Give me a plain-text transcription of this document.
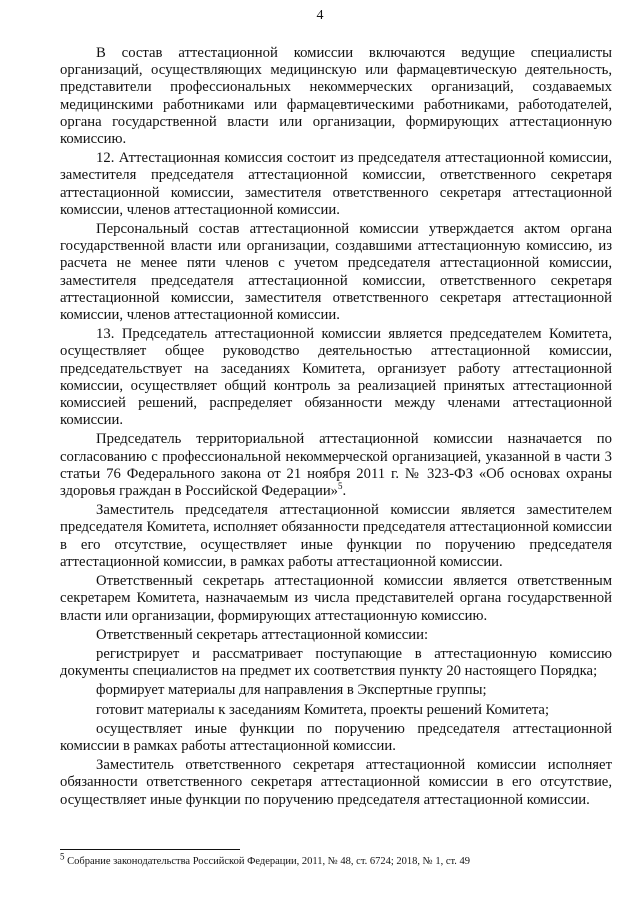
4

В состав аттестационной комиссии включаются ведущие специалисты организаций, осуществляющих медицинскую или фармацевтическую деятельность, представители профессиональных некоммерческих организаций, создаваемых медицинскими работниками или фармацевтическими работниками, работодателей, органа государственной власти или организации, формирующих аттестационную комиссию.

12. Аттестационная комиссия состоит из председателя аттестационной комиссии, заместителя председателя аттестационной комиссии, ответственного секретаря аттестационной комиссии, заместителя ответственного секретаря аттестационной комиссии, членов аттестационной комиссии.

Персональный состав аттестационной комиссии утверждается актом органа государственной власти или организации, создавшими аттестационную комиссию, из расчета не менее пяти членов с учетом председателя аттестационной комиссии, заместителя председателя аттестационной комиссии, ответственного секретаря аттестационной комиссии, заместителя ответственного секретаря аттестационной комиссии, членов аттестационной комиссии.

13. Председатель аттестационной комиссии является председателем Комитета, осуществляет общее руководство деятельностью аттестационной комиссии, председательствует на заседаниях Комитета, организует работу аттестационной комиссии, осуществляет общий контроль за реализацией принятых аттестационной комиссией решений, распределяет обязанности между членами аттестационной комиссии.

Председатель территориальной аттестационной комиссии назначается по согласованию с профессиональной некоммерческой организацией, указанной в части 3 статьи 76 Федерального закона от 21 ноября 2011 г. № 323-ФЗ «Об основах охраны здоровья граждан в Российской Федерации»$^5$.

Заместитель председателя аттестационной комиссии является заместителем председателя Комитета, исполняет обязанности председателя аттестационной комиссии в его отсутствие, осуществляет иные функции по поручению председателя аттестационной комиссии, в рамках работы аттестационной комиссии.

Ответственный секретарь аттестационной комиссии является ответственным секретарем Комитета, назначаемым из числа представителей органа государственной власти или организации, формирующих аттестационную комиссию.

Ответственный секретарь аттестационной комиссии:

регистрирует и рассматривает поступающие в аттестационную комиссию документы специалистов на предмет их соответствия пункту 20 настоящего Порядка;

формирует материалы для направления в Экспертные группы;

готовит материалы к заседаниям Комитета, проекты решений Комитета;

осуществляет иные функции по поручению председателя аттестационной комиссии в рамках работы аттестационной комиссии.

Заместитель ответственного секретаря аттестационной комиссии исполняет обязанности ответственного секретаря аттестационной комиссии в его отсутствие, осуществляет иные функции по поручению председателя аттестационной комиссии.

$^5$ Собрание законодательства Российской Федерации, 2011, № 48, ст. 6724; 2018, № 1, ст. 49
